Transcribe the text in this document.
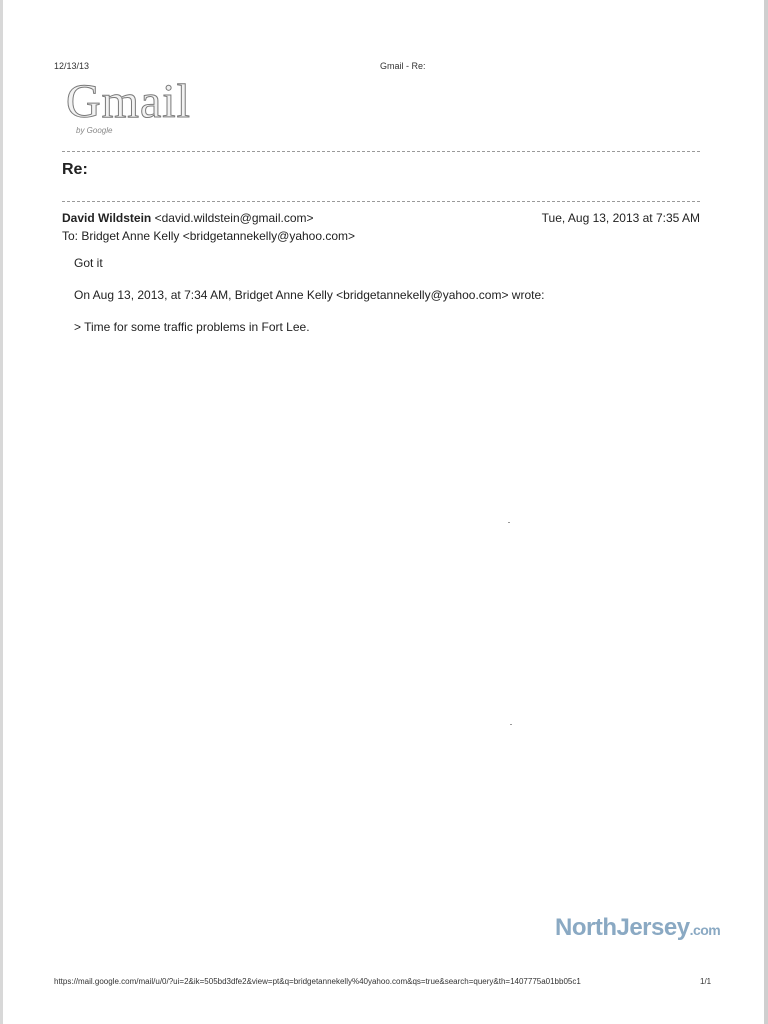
12/13/13	Gmail - Re:
Gmail
by Google
Re:
David Wildstein <david.wildstein@gmail.com>	Tue, Aug 13, 2013 at 7:35 AM
To: Bridget Anne Kelly <bridgetannekelly@yahoo.com>
Got it
On Aug 13, 2013, at 7:34 AM, Bridget Anne Kelly <bridgetannekelly@yahoo.com> wrote:
> Time for some traffic problems in Fort Lee.
NorthJersey.com
https://mail.google.com/mail/u/0/?ui=2&ik=505bd3dfe2&view=pt&q=bridgetannekelly%40yahoo.com&qs=true&search=query&th=1407775a01bb05c1	1/1
